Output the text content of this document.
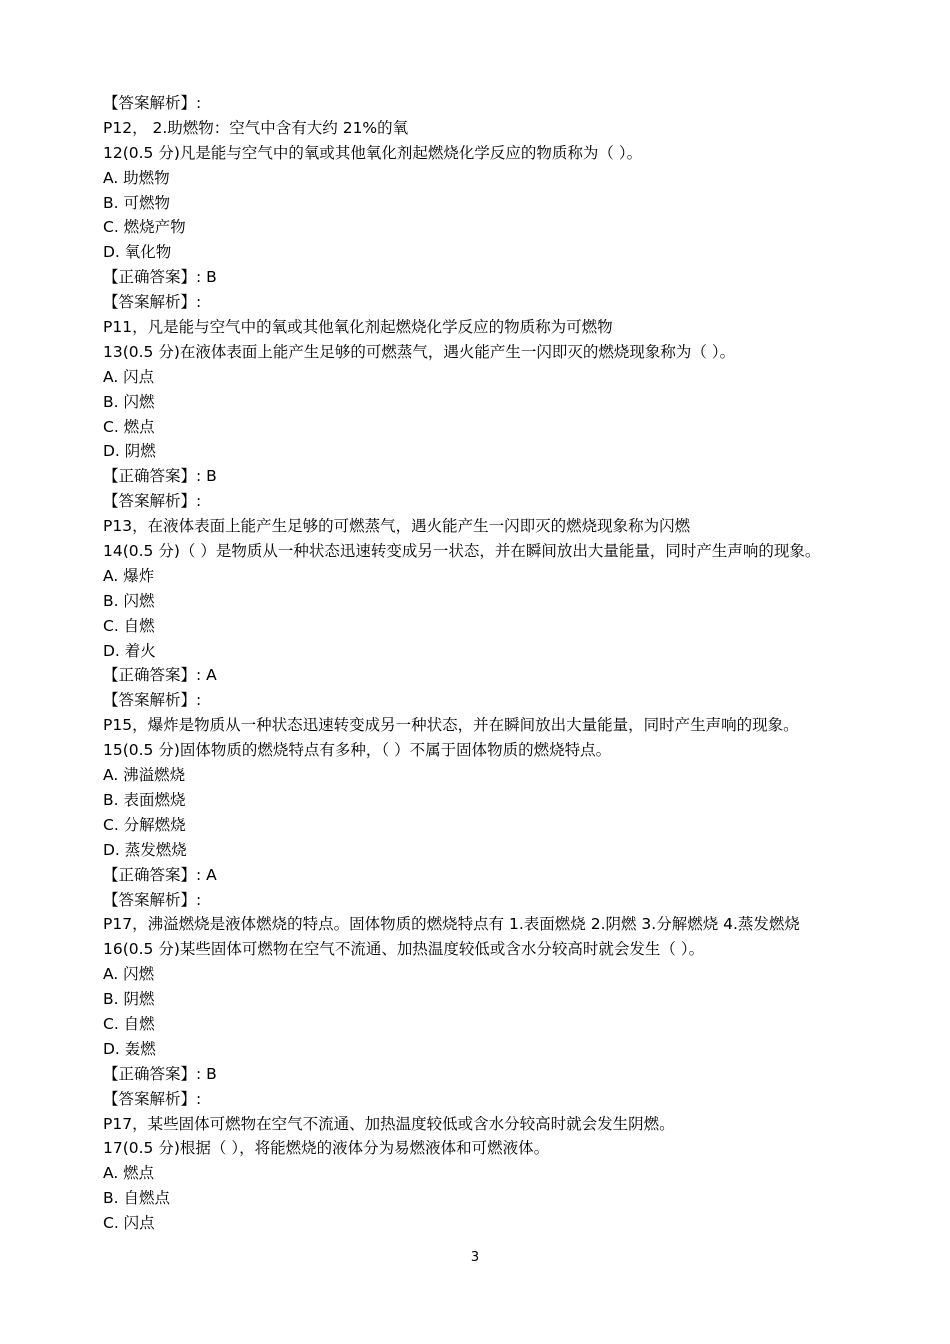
【答案解析】:
P12， 2.助燃物：空气中含有大约 21%的氧
12(0.5 分)凡是能与空气中的氧或其他氧化剂起燃烧化学反应的物质称为（ ）。
A. 助燃物
B. 可燃物
C. 燃烧产物
D. 氧化物
【正确答案】: B
【答案解析】:
P11，凡是能与空气中的氧或其他氧化剂起燃烧化学反应的物质称为可燃物
13(0.5 分)在液体表面上能产生足够的可燃蒸气，遇火能产生一闪即灭的燃烧现象称为（ ）。
A. 闪点
B. 闪燃
C. 燃点
D. 阴燃
【正确答案】: B
【答案解析】:
P13，在液体表面上能产生足够的可燃蒸气，遇火能产生一闪即灭的燃烧现象称为闪燃
14(0.5 分)（ ）是物质从一种状态迅速转变成另一状态，并在瞬间放出大量能量，同时产生声响的现象。
A. 爆炸
B. 闪燃
C. 自燃
D. 着火
【正确答案】: A
【答案解析】:
P15，爆炸是物质从一种状态迅速转变成另一种状态，并在瞬间放出大量能量，同时产生声响的现象。
15(0.5 分)固体物质的燃烧特点有多种，（ ）不属于固体物质的燃烧特点。
A. 沸溢燃烧
B. 表面燃烧
C. 分解燃烧
D. 蒸发燃烧
【正确答案】: A
【答案解析】:
P17，沸溢燃烧是液体燃烧的特点。固体物质的燃烧特点有 1.表面燃烧 2.阴燃 3.分解燃烧 4.蒸发燃烧
16(0.5 分)某些固体可燃物在空气不流通、加热温度较低或含水分较高时就会发生（ ）。
A. 闪燃
B. 阴燃
C. 自燃
D. 轰燃
【正确答案】: B
【答案解析】:
P17，某些固体可燃物在空气不流通、加热温度较低或含水分较高时就会发生阴燃。
17(0.5 分)根据（ ），将能燃烧的液体分为易燃液体和可燃液体。
A. 燃点
B. 自燃点
C. 闪点
3
